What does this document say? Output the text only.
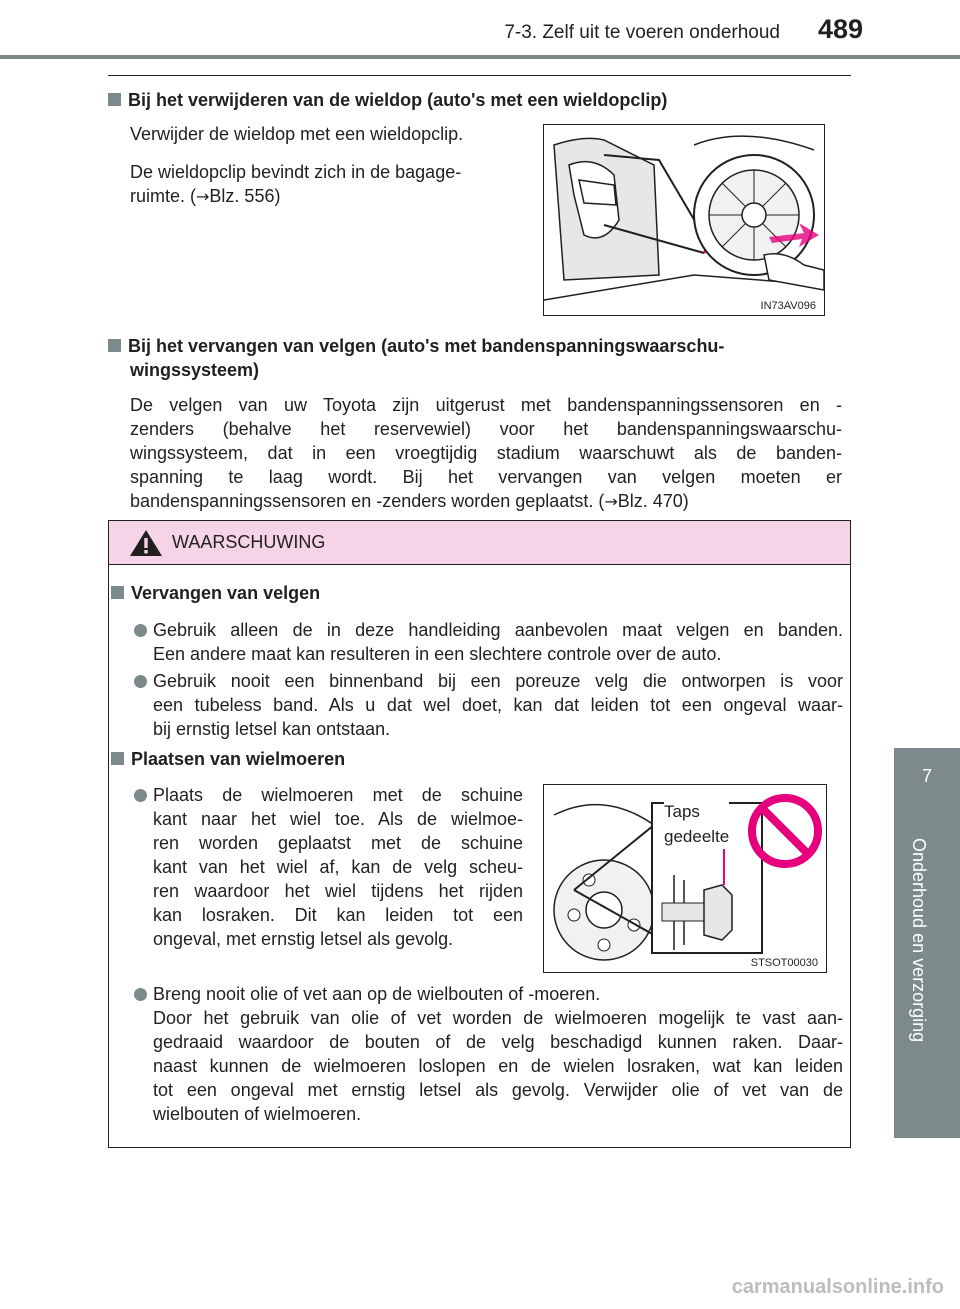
7-3. Zelf uit te voeren onderhoud 489
7
Onderhoud en verzorging
Bij het verwijderen van de wieldop (auto's met een wieldopclip)
Verwijder de wieldop met een wieldopclip.
De wieldopclip bevindt zich in de bagage-
ruimte. (→Blz. 556)
IN73AV096
Bij het vervangen van velgen (auto's met bandenspanningswaarschu-
wingssysteem)
De velgen van uw Toyota zijn uitgerust met bandenspanningssensoren en -
zenders (behalve het reservewiel) voor het bandenspanningswaarschu-
wingssysteem, dat in een vroegtijdig stadium waarschuwt als de banden-
spanning te laag wordt. Bij het vervangen van velgen moeten er
bandenspanningssensoren en -zenders worden geplaatst. (→Blz. 470)
WAARSCHUWING
Vervangen van velgen
Gebruik alleen de in deze handleiding aanbevolen maat velgen en banden.
Een andere maat kan resulteren in een slechtere controle over de auto.
Gebruik nooit een binnenband bij een poreuze velg die ontworpen is voor
een tubeless band. Als u dat wel doet, kan dat leiden tot een ongeval waar-
bij ernstig letsel kan ontstaan.
Plaatsen van wielmoeren
Plaats de wielmoeren met de schuine
kant naar het wiel toe. Als de wielmoe-
ren worden geplaatst met de schuine
kant van het wiel af, kan de velg scheu-
ren waardoor het wiel tijdens het rijden
kan losraken. Dit kan leiden tot een
ongeval, met ernstig letsel als gevolg.
Taps
gedeelte
STSOT00030
Breng nooit olie of vet aan op de wielbouten of -moeren.
Door het gebruik van olie of vet worden de wielmoeren mogelijk te vast aan-
gedraaid waardoor de bouten of de velg beschadigd kunnen raken. Daar-
naast kunnen de wielmoeren loslopen en de wielen losraken, wat kan leiden
tot een ongeval met ernstig letsel als gevolg. Verwijder olie of vet van de
wielbouten of wielmoeren.
carmanualsonline.info
